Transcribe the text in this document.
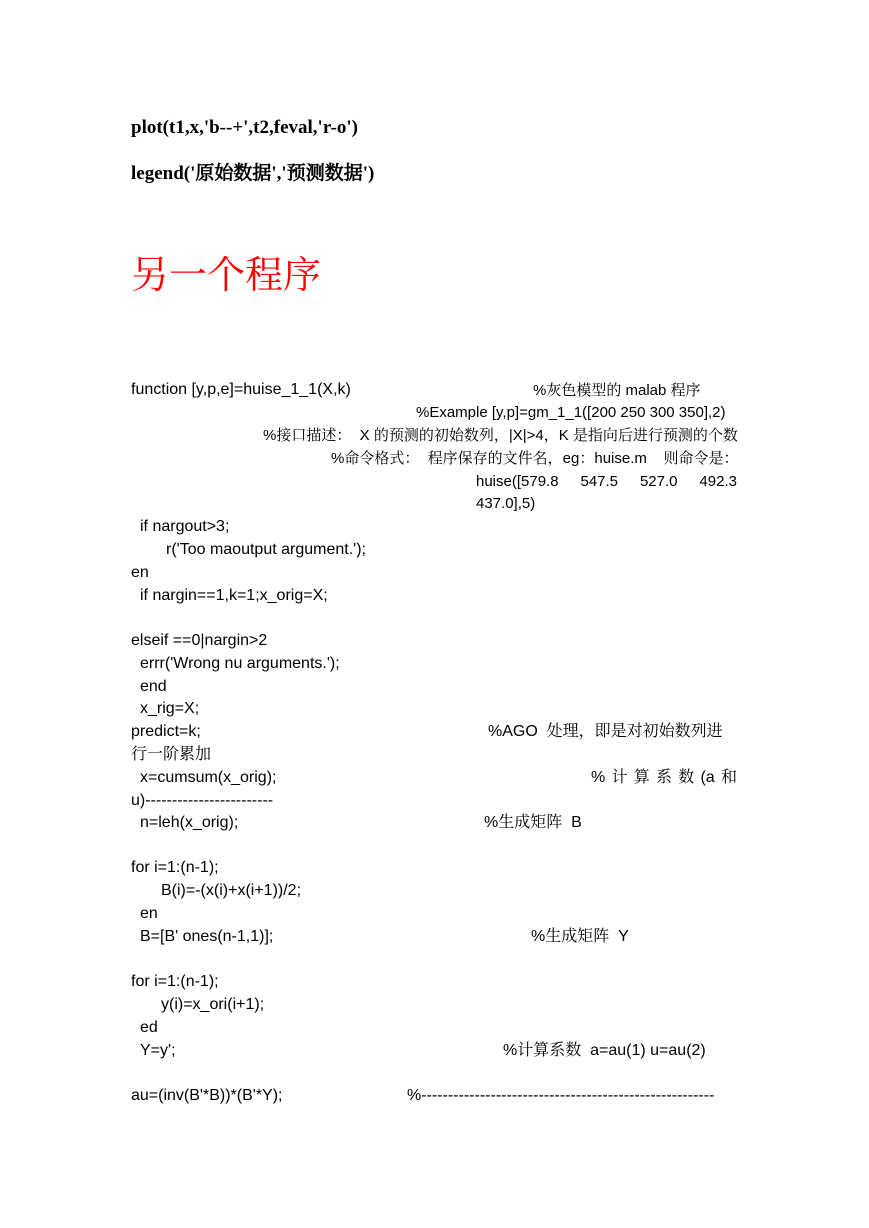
plot(t1,x,'b--+',t2,feval,'r-o')
legend('原始数据','预测数据')
另一个程序
function [y,p,e]=huise_1_1(X,k)	%灰色模型的 malab 程序
%Example [y,p]=gm_1_1([200 250 300 350],2)
%接口描述：  X 的预测的初始数列，|X|>4，K 是指向后进行预测的个数
%命令格式：  程序保存的文件名，eg：huise.m    则命令是：
huise([579.8 547.5 527.0 492.3
437.0],5)
if nargout>3;
r('Too maoutput argument.');
en
if nargin==1,k=1;x_orig=X;
elseif ==0|nargin>2
errr('Wrong nu arguments.');
end
x_rig=X;
predict=k;	%AGO  处理，即是对初始数列进
行一阶累加
x=cumsum(x_orig);	% 计 算 系 数 (a 和
u)------------------------
n=leh(x_orig);	%生成矩阵  B
for i=1:(n-1);
B(i)=-(x(i)+x(i+1))/2;
en
B=[B' ones(n-1,1)];	%生成矩阵  Y
for i=1:(n-1);
y(i)=x_ori(i+1);
ed
Y=y';	%计算系数  a=au(1) u=au(2)
au=(inv(B'*B))*(B'*Y);	%-------------------------------------------------------
